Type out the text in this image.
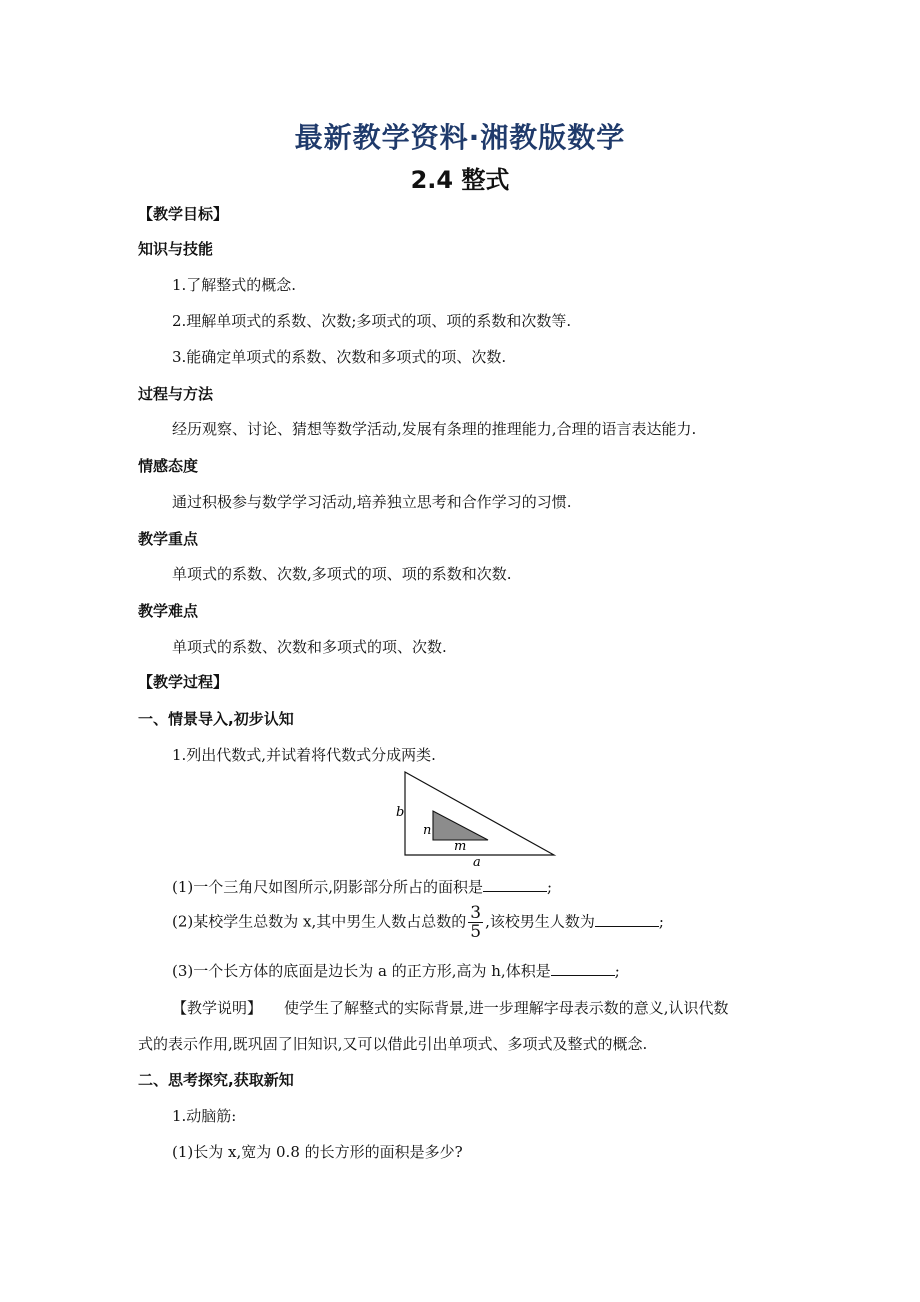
最新教学资料·湘教版数学
2.4 整式
【教学目标】
知识与技能
1.了解整式的概念.
2.理解单项式的系数、次数;多项式的项、项的系数和次数等.
3.能确定单项式的系数、次数和多项式的项、次数.
过程与方法
经历观察、讨论、猜想等数学活动,发展有条理的推理能力,合理的语言表达能力.
情感态度
通过积极参与数学学习活动,培养独立思考和合作学习的习惯.
教学重点
单项式的系数、次数,多项式的项、项的系数和次数.
教学难点
单项式的系数、次数和多项式的项、次数.
【教学过程】
一、情景导入,初步认知
1.列出代数式,并试着将代数式分成两类.
b
n
m
a
(1)一个三角尺如图所示,阴影部分所占的面积是	;
(2)某校学生总数为 x,其中男生人数占总数的 $\frac{3}{5}$ ,该校男生人数为	;
(3)一个长方体的底面是边长为 a 的正方形,高为 h,体积是	;
【教学说明】 使学生了解整式的实际背景,进一步理解字母表示数的意义,认识代数
式的表示作用,既巩固了旧知识,又可以借此引出单项式、多项式及整式的概念.
二、思考探究,获取新知
1.动脑筋:
(1)长为 x,宽为 0.8 的长方形的面积是多少?
